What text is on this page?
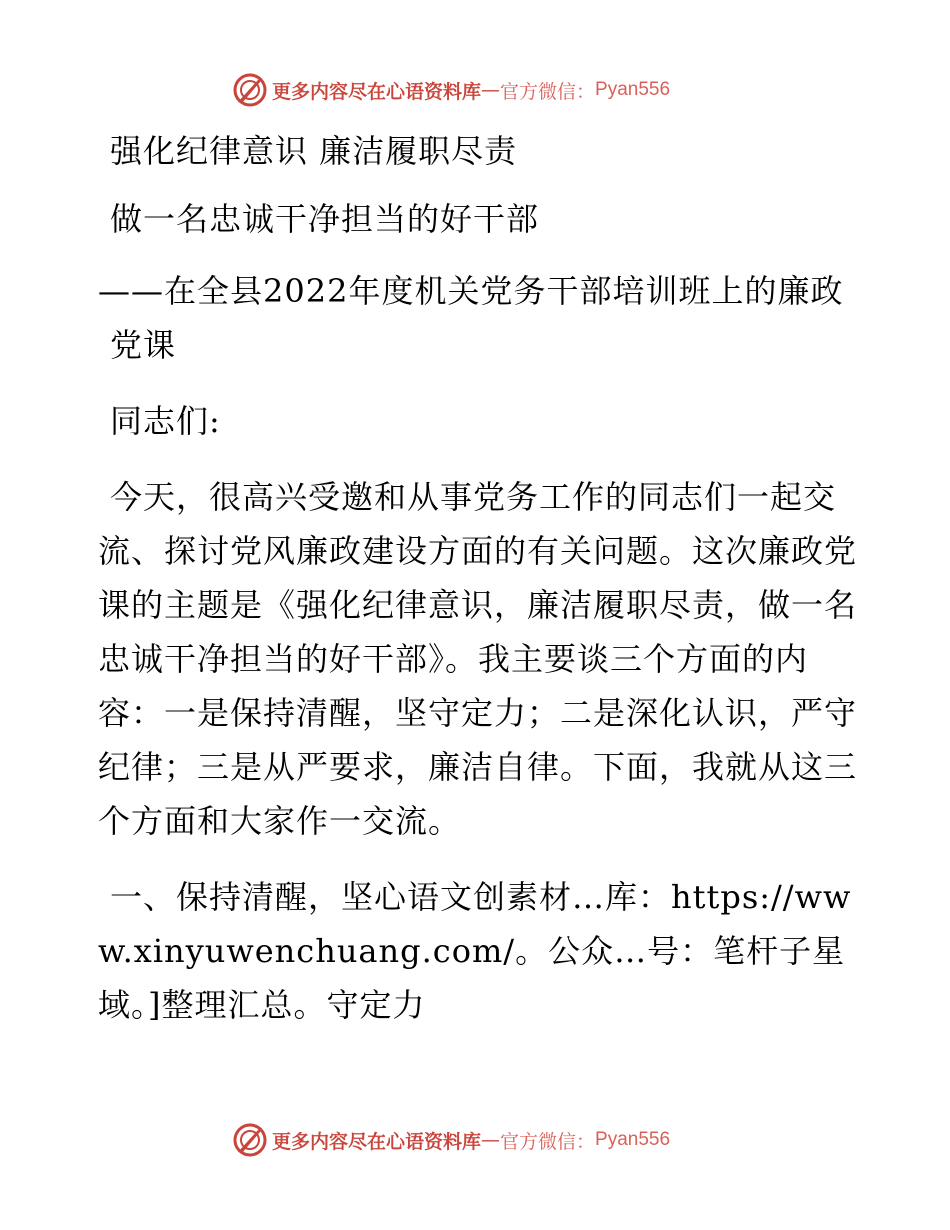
更多内容尽在心语资料库 — 官方微信： Pyan556

强化纪律意识 廉洁履职尽责

做一名忠诚干净担当的好干部

——在全县2022年度机关党务干部培训班上的廉政党课

同志们:

今天，很高兴受邀和从事党务工作的同志们一起交流、探讨党风廉政建设方面的有关问题。这次廉政党课的主题是《强化纪律意识，廉洁履职尽责，做一名忠诚干净担当的好干部》。我主要谈三个方面的内容：一是保持清醒，坚守定力；二是深化认识，严守纪律；三是从严要求，廉洁自律。下面，我就从这三个方面和大家作一交流。

一、保持清醒，坚心语文创素材…库：https://www.xinyuwenchuang.com/。公众…号：笔杆子星域。]整理汇总。守定力

更多内容尽在心语资料库 — 官方微信： Pyan556
